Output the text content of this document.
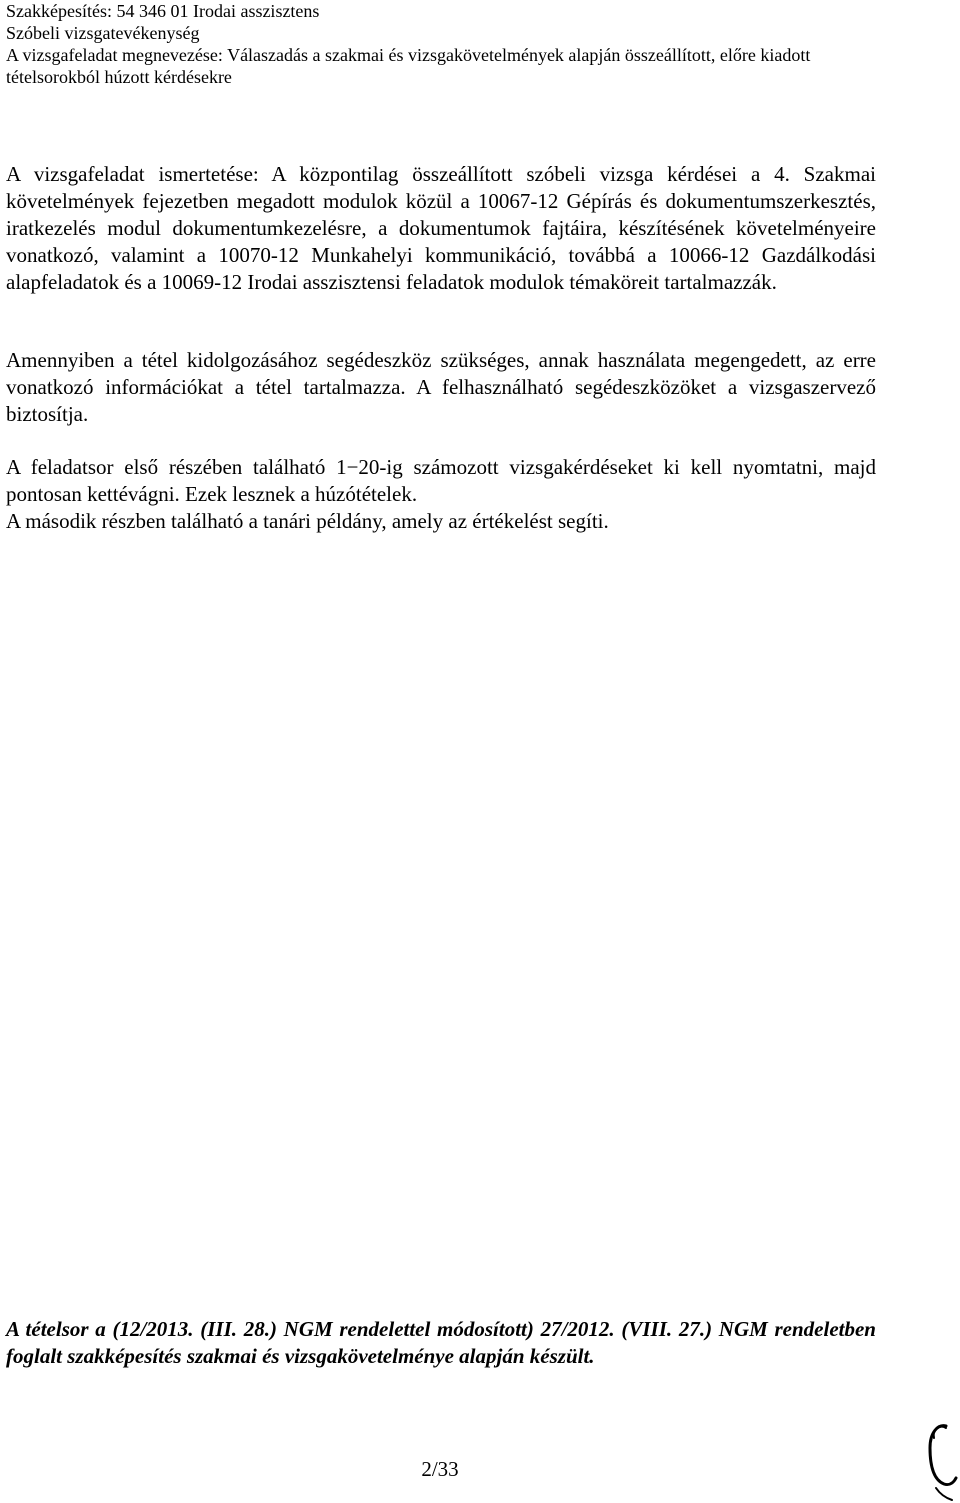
Szakképesítés: 54 346 01 Irodai asszisztens
Szóbeli vizsgatevékenység
A vizsgafeladat megnevezése: Válaszadás a szakmai és vizsgakövetelmények alapján összeállított, előre kiadott
tételsorokból húzott kérdésekre

A vizsgafeladat ismertetése: A központilag összeállított szóbeli vizsga kérdései a 4. Szakmai követelmények fejezetben megadott modulok közül a 10067-12 Gépírás és dokumentumszerkesztés, iratkezelés modul dokumentumkezelésre, a dokumentumok fajtáira, készítésének követelményeire vonatkozó, valamint a 10070-12 Munkahelyi kommunikáció, továbbá a 10066-12 Gazdálkodási alapfeladatok és a 10069-12 Irodai asszisztensi feladatok modulok témaköreit tartalmazzák.

Amennyiben a tétel kidolgozásához segédeszköz szükséges, annak használata megengedett, az erre vonatkozó információkat a tétel tartalmazza. A felhasználható segédeszközöket a vizsgaszervező biztosítja.

A feladatsor első részében található 1−20-ig számozott vizsgakérdéseket ki kell nyomtatni, majd pontosan kettévágni. Ezek lesznek a húzótételek.

A második részben található a tanári példány, amely az értékelést segíti.

A tételsor a (12/2013. (III. 28.) NGM rendelettel módosított) 27/2012. (VIII. 27.) NGM rendeletben foglalt szakképesítés szakmai és vizsgakövetelménye alapján készült.
2/33
